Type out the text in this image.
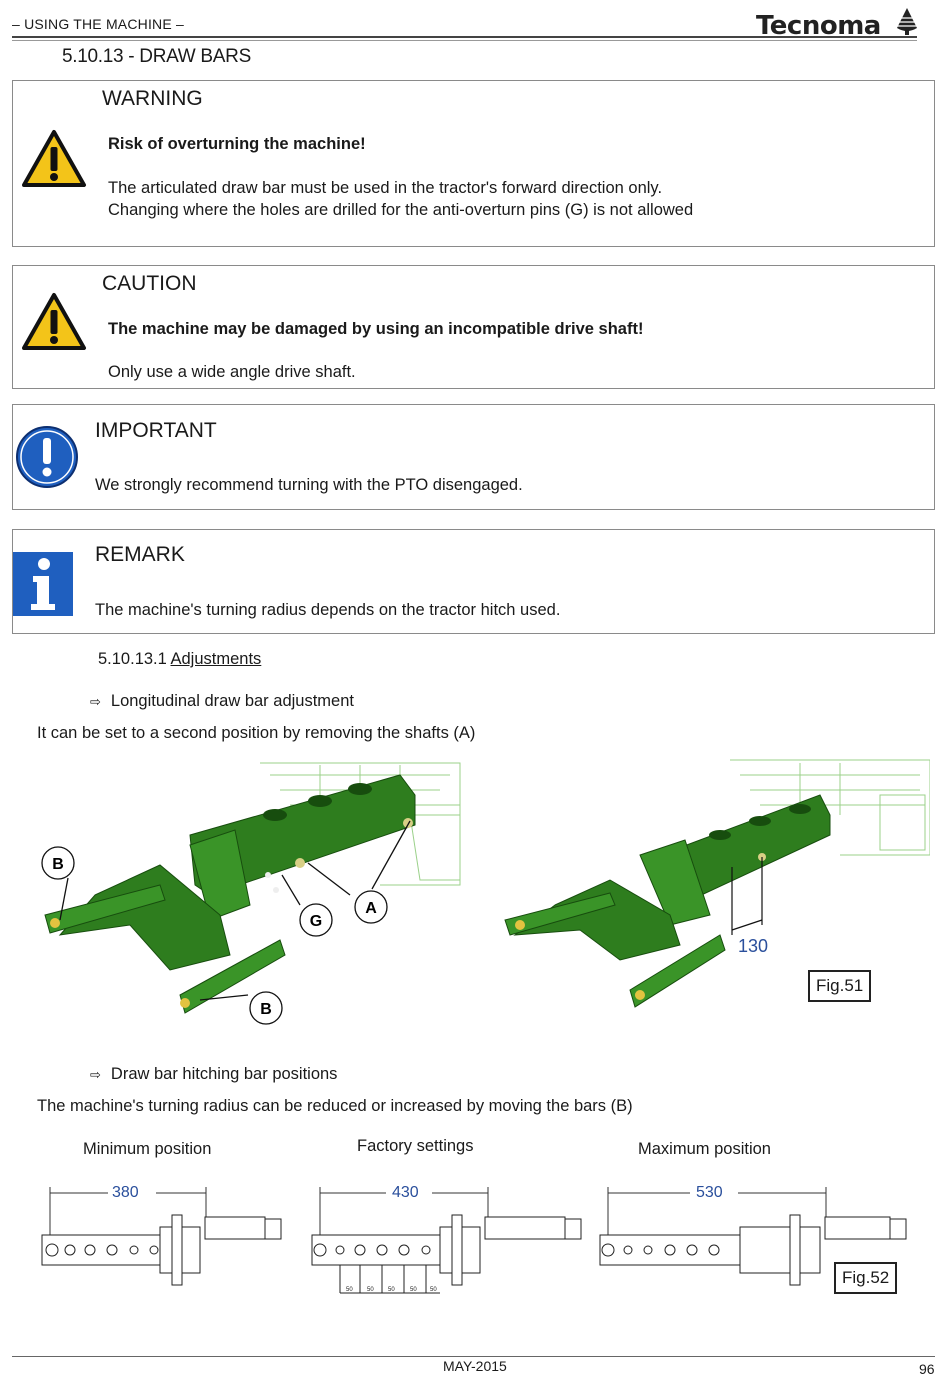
– USING THE MACHINE –	Tecnoma
5.10.13 - DRAW BARS
WARNING
Risk of overturning the machine!
The articulated draw bar must be used in the tractor's forward direction only.
Changing where the holes are drilled for the anti-overturn pins (G) is not allowed
CAUTION
The machine may be damaged by using an incompatible drive shaft!
Only use a wide angle drive shaft.
IMPORTANT
We strongly recommend turning with the PTO disengaged.
REMARK
The machine's turning radius depends on the tractor hitch used.
5.10.13.1 Adjustments
⇨ Longitudinal draw bar adjustment
It can be set to a second position by removing the shafts (A)
B
G
A
B
130
Fig.51
⇨ Draw bar hitching bar positions
The machine's turning radius can be reduced or increased by moving the bars (B)
Minimum position	Factory settings	Maximum position
380	430	530
50 50 50	50 50
Fig.52
MAY-2015	96
